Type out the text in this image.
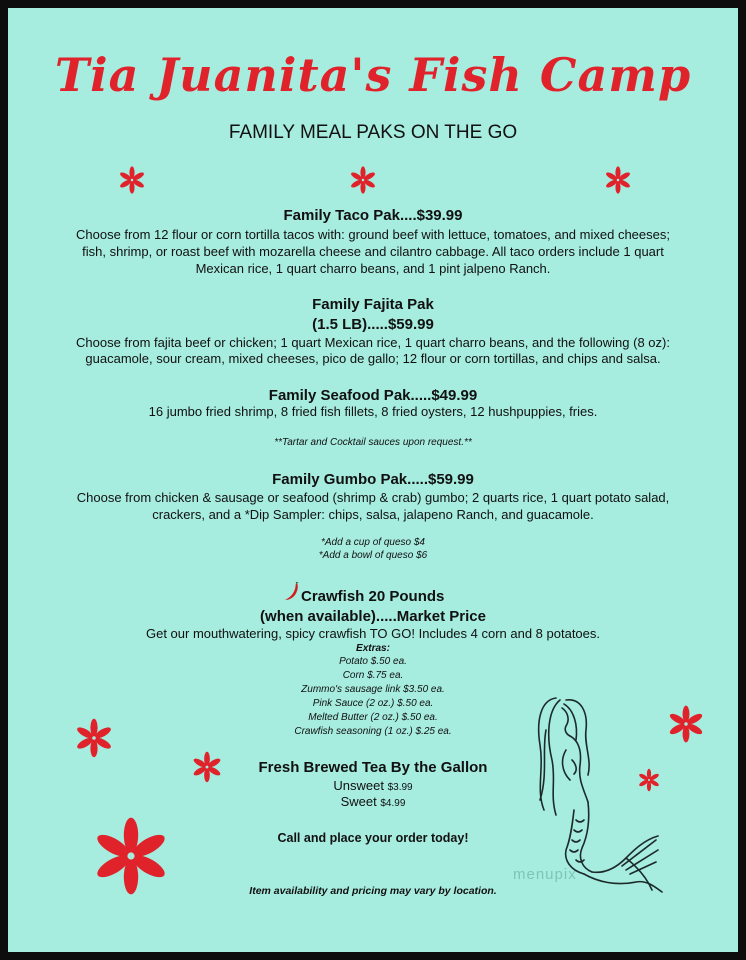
Tia Juanita's Fish Camp
FAMILY MEAL PAKS ON THE GO
Family Taco Pak....$39.99
Choose from 12 flour or corn tortilla tacos with: ground beef with lettuce, tomatoes, and mixed cheeses;
fish, shrimp, or roast beef with mozarella cheese and cilantro cabbage. All taco orders include 1 quart
Mexican rice, 1 quart charro beans, and 1 pint jalpeno Ranch.
Family Fajita Pak
(1.5 LB).....$59.99
Choose from fajita beef or chicken; 1 quart Mexican rice, 1 quart charro beans, and the following (8 oz):
guacamole, sour cream, mixed cheeses, pico de gallo; 12 flour or corn tortillas, and chips and salsa.
Family Seafood Pak.....$49.99
16 jumbo fried shrimp, 8 fried fish fillets, 8 fried oysters, 12 hushpuppies, fries.
**Tartar and Cocktail sauces upon request.**
Family Gumbo Pak.....$59.99
Choose from chicken & sausage or seafood (shrimp & crab) gumbo; 2 quarts rice, 1 quart potato salad,
crackers, and a *Dip Sampler: chips, salsa, jalapeno Ranch, and guacamole.
*Add a cup of queso $4
*Add a bowl of queso $6
Crawfish 20 Pounds
(when available).....Market Price
Get our mouthwatering, spicy crawfish TO GO! Includes 4 corn and 8 potatoes.
Extras:
Potato $.50 ea.
Corn $.75 ea.
Zummo's sausage link $3.50 ea.
Pink Sauce (2 oz.) $.50 ea.
Melted Butter (2 oz.) $.50 ea.
Crawfish seasoning (1 oz.) $.25 ea.
Fresh Brewed Tea By the Gallon
Unsweet $3.99
Sweet $4.99
Call and place your order today!
Item availability and pricing may vary by location.
menupix
